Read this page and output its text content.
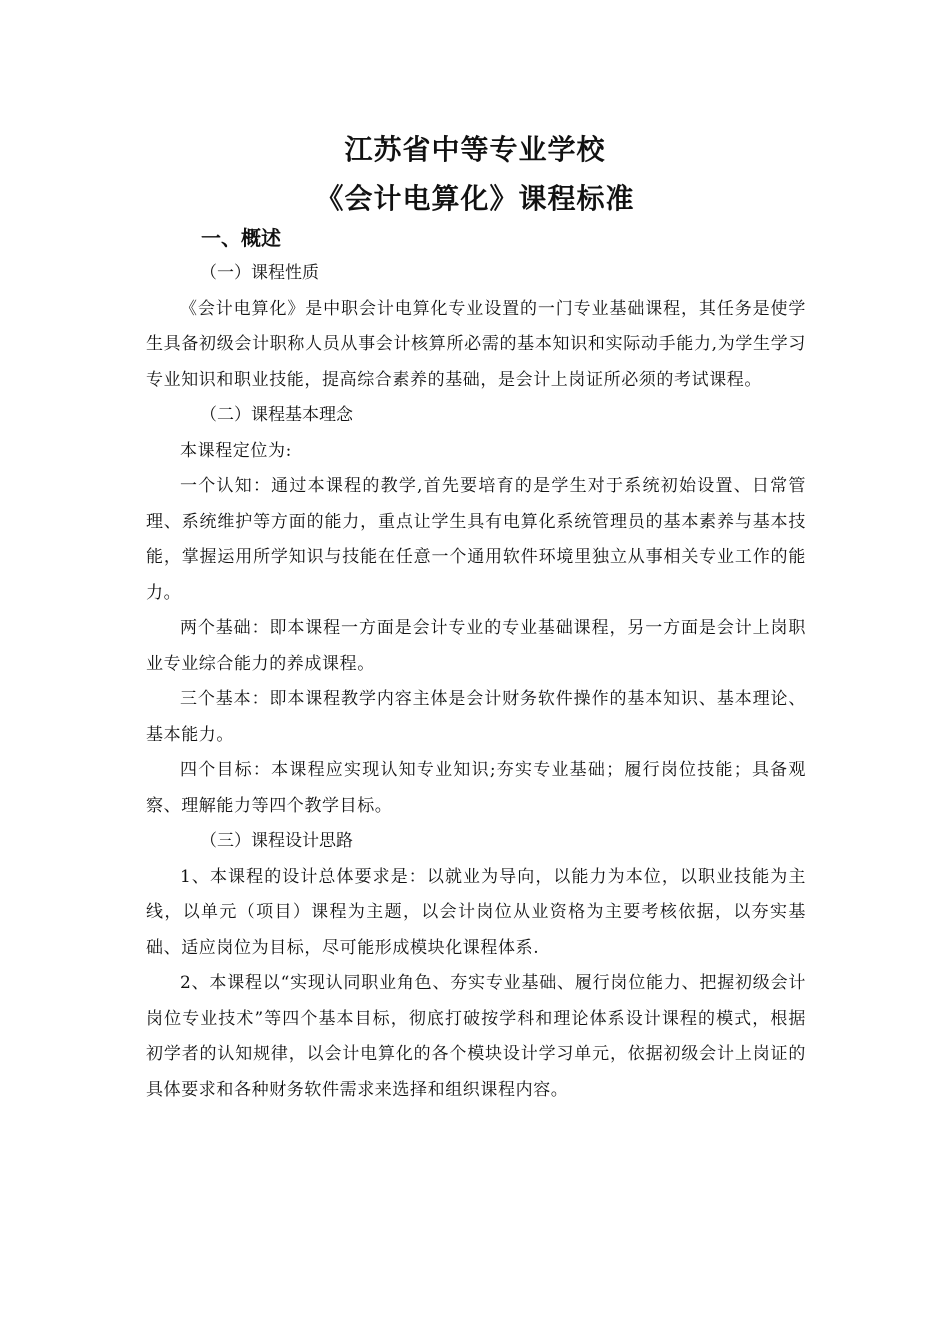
江苏省中等专业学校
《会计电算化》课程标准
一、概述

（一）课程性质

《会计电算化》是中职会计电算化专业设置的一门专业基础课程，其任务是使学生具备初级会计职称人员从事会计核算所必需的基本知识和实际动手能力,为学生学习专业知识和职业技能，提高综合素养的基础，是会计上岗证所必须的考试课程。

（二）课程基本理念

本课程定位为:

一个认知：通过本课程的教学,首先要培育的是学生对于系统初始设置、日常管理、系统维护等方面的能力，重点让学生具有电算化系统管理员的基本素养与基本技能，掌握运用所学知识与技能在任意一个通用软件环境里独立从事相关专业工作的能力。

两个基础：即本课程一方面是会计专业的专业基础课程，另一方面是会计上岗职业专业综合能力的养成课程。

三个基本：即本课程教学内容主体是会计财务软件操作的基本知识、基本理论、基本能力。

四个目标：本课程应实现认知专业知识;夯实专业基础；履行岗位技能；具备观察、理解能力等四个教学目标。

（三）课程设计思路

1、本课程的设计总体要求是：以就业为导向，以能力为本位，以职业技能为主线，以单元（项目）课程为主题，以会计岗位从业资格为主要考核依据，以夯实基础、适应岗位为目标，尽可能形成模块化课程体系.

2、本课程以“实现认同职业角色、夯实专业基础、履行岗位能力、把握初级会计岗位专业技术”等四个基本目标，彻底打破按学科和理论体系设计课程的模式，根据初学者的认知规律，以会计电算化的各个模块设计学习单元，依据初级会计上岗证的具体要求和各种财务软件需求来选择和组织课程内容。
